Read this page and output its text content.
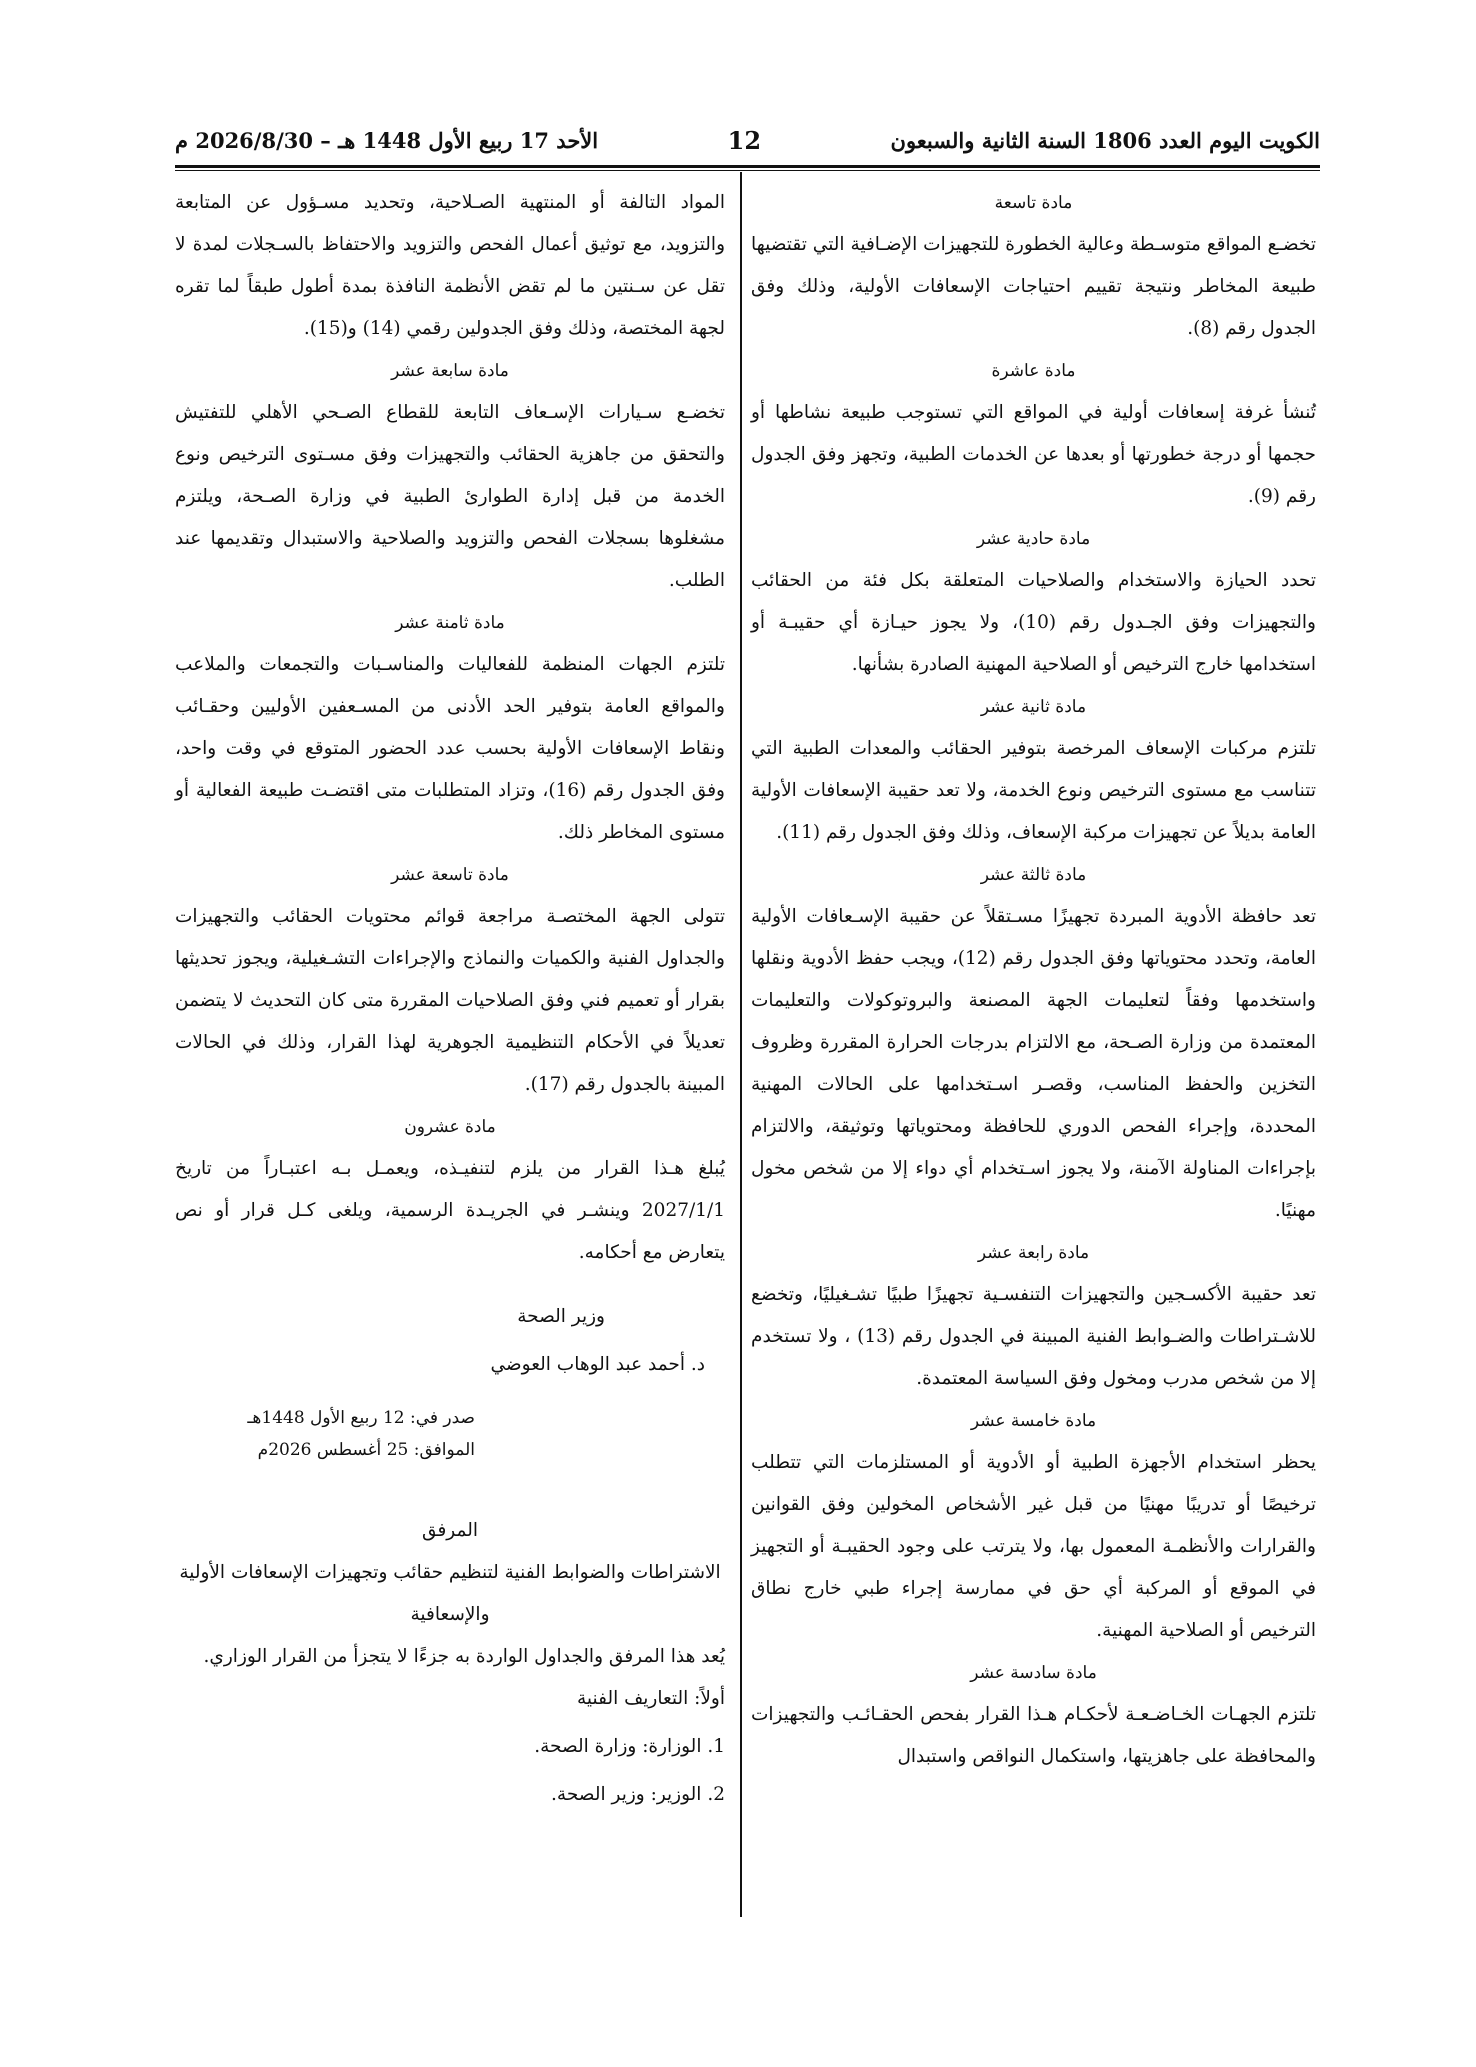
الكويت اليوم العدد 1806 السنة الثانية والسبعون
12
الأحد 17 ربيع الأول 1448 هـ – 2026/8/30 م
مادة تاسعة

تخضـع المواقع متوسـطة وعالية الخطورة للتجهيزات الإضـافية التي تقتضيها طبيعة المخاطر ونتيجة تقييم احتياجات الإسعافات الأولية، وذلك وفق الجدول رقم (8).

مادة عاشرة

تُنشأ غرفة إسعافات أولية في المواقع التي تستوجب طبيعة نشاطها أو حجمها أو درجة خطورتها أو بعدها عن الخدمات الطبية، وتجهز وفق الجدول رقم (9).

مادة حادية عشر

تحدد الحيازة والاستخدام والصلاحيات المتعلقة بكل فئة من الحقائب والتجهيزات وفق الجـدول رقم (10)، ولا يجوز حيـازة أي حقيبـة أو استخدامها خارج الترخيص أو الصلاحية المهنية الصادرة بشأنها.

مادة ثانية عشر

تلتزم مركبات الإسعاف المرخصة بتوفير الحقائب والمعدات الطبية التي تتناسب مع مستوى الترخيص ونوع الخدمة، ولا تعد حقيبة الإسعافات الأولية العامة بديلاً عن تجهيزات مركبة الإسعاف، وذلك وفق الجدول رقم (11).

مادة ثالثة عشر

تعد حافظة الأدوية المبردة تجهيزًا مسـتقلاً عن حقيبة الإسـعافات الأولية العامة، وتحدد محتوياتها وفق الجدول رقم (12)، ويجب حفظ الأدوية ونقلها واستخدمها وفقاً لتعليمات الجهة المصنعة والبروتوكولات والتعليمات المعتمدة من وزارة الصـحة، مع الالتزام بدرجات الحرارة المقررة وظروف التخزين والحفظ المناسب، وقصـر اسـتخدامها على الحالات المهنية المحددة، وإجراء الفحص الدوري للحافظة ومحتوياتها وتوثيقة، والالتزام بإجراءات المناولة الآمنة، ولا يجوز اسـتخدام أي دواء إلا من شخص مخول مهنيًا.

مادة رابعة عشر

تعد حقيبة الأكسـجين والتجهيزات التنفسـية تجهيزًا طبيًا تشـغيليًا، وتخضع للاشـتراطات والضـوابط الفنية المبينة في الجدول رقم (13) ، ولا تستخدم إلا من شخص مدرب ومخول وفق السياسة المعتمدة.

مادة خامسة عشر

يحظر استخدام الأجهزة الطبية أو الأدوية أو المستلزمات التي تتطلب ترخيصًا أو تدريبًا مهنيًا من قبل غير الأشخاص المخولين وفق القوانين والقرارات والأنظمـة المعمول بها، ولا يترتب على وجود الحقيبـة أو التجهيز في الموقع أو المركبة أي حق في ممارسة إجراء طبي خارج نطاق الترخيص أو الصلاحية المهنية.

مادة سادسة عشر

تلتزم الجهـات الخـاضـعـة لأحكـام هـذا القرار بفحص الحقـائـب والتجهيزات والمحافظة على جاهزيتها، واستكمال النواقص واستبدال

المواد التالفة أو المنتهية الصـلاحية، وتحديد مسـؤول عن المتابعة والتزويد، مع توثيق أعمال الفحص والتزويد والاحتفاظ بالسـجلات لمدة لا تقل عن سـنتين ما لم تقض الأنظمة النافذة بمدة أطول طبقاً لما تقره لجهة المختصة، وذلك وفق الجدولين رقمي (14) و(15).

مادة سابعة عشر

تخضـع سـيارات الإسـعاف التابعة للقطاع الصـحي الأهلي للتفتيش والتحقق من جاهزية الحقائب والتجهيزات وفق مسـتوى الترخيص ونوع الخدمة من قبل إدارة الطوارئ الطبية في وزارة الصـحة، ويلتزم مشغلوها بسجلات الفحص والتزويد والصلاحية والاستبدال وتقديمها عند الطلب.

مادة ثامنة عشر

تلتزم الجهات المنظمة للفعاليات والمناسـبات والتجمعات والملاعب والمواقع العامة بتوفير الحد الأدنى من المسـعفين الأوليين وحقـائب ونقاط الإسعافات الأولية بحسب عدد الحضور المتوقع في وقت واحد، وفق الجدول رقم (16)، وتزاد المتطلبات متى اقتضـت طبيعة الفعالية أو مستوى المخاطر ذلك.

مادة تاسعة عشر

تتولى الجهة المختصـة مراجعة قوائم محتويات الحقائب والتجهيزات والجداول الفنية والكميات والنماذج والإجراءات التشـغيلية، ويجوز تحديثها بقرار أو تعميم فني وفق الصلاحيات المقررة متى كان التحديث لا يتضمن تعديلاً في الأحكام التنظيمية الجوهرية لهذا القرار، وذلك في الحالات المبينة بالجدول رقم (17).

مادة عشرون

يُبلغ هـذا القرار من يلزم لتنفيـذه، ويعمـل بـه اعتبـاراً من تاريخ 2027/1/1 وينشـر في الجريـدة الرسمية، ويلغى كـل قرار أو نص يتعارض مع أحكامه.

وزير الصحة
د. أحمد عبد الوهاب العوضي
صدر في: 12 ربيع الأول 1448هـ
الموافق: 25 أغسطس 2026م
المرفق
الاشتراطات والضوابط الفنية لتنظيم حقائب وتجهيزات الإسعافات الأولية والإسعافية
يُعد هذا المرفق والجداول الواردة به جزءًا لا يتجزأ من القرار الوزاري.
أولاً: التعاريف الفنية
1. الوزارة: وزارة الصحة.
2. الوزير: وزير الصحة.
